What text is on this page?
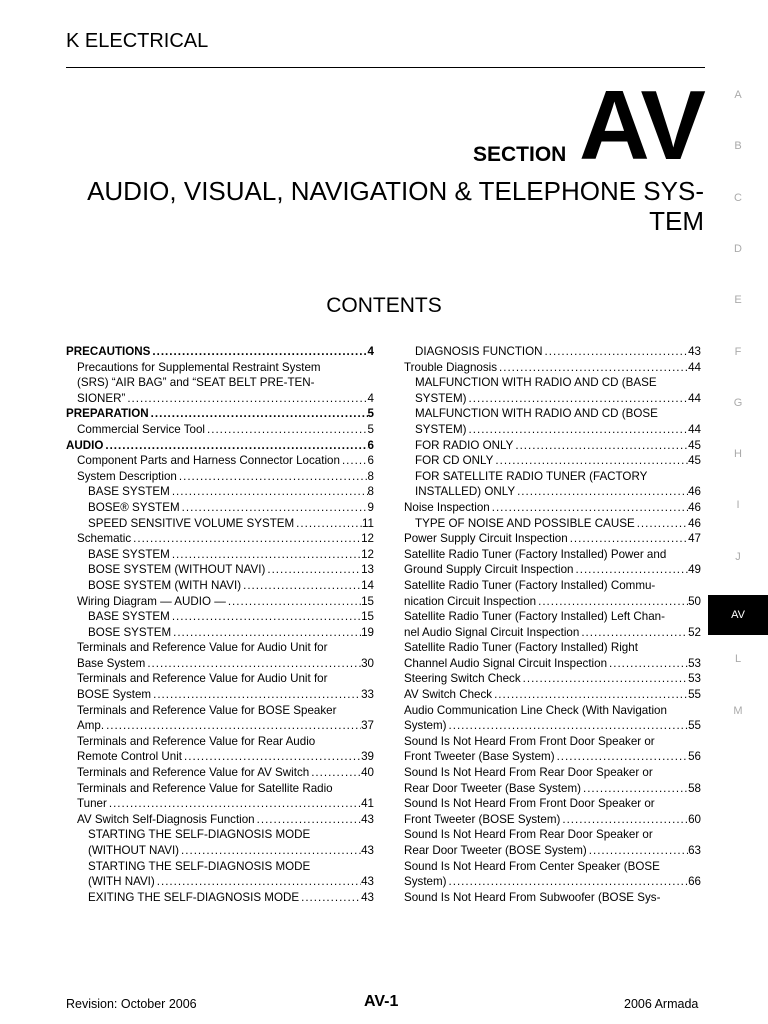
K ELECTRICAL
SECTION AV
AUDIO, VISUAL, NAVIGATION & TELEPHONE SYS-
TEM
CONTENTS
PRECAUTIONS .....	4
Precautions for Supplemental Restraint System
(SRS) “AIR BAG” and “SEAT BELT PRE-TEN-
SIONER” .....	4
PREPARATION .....	5
Commercial Service Tool .....	5
AUDIO .....	6
Component Parts and Harness Connector Location ..... 6
System Description .....	8
BASE SYSTEM .....	8
BOSE® SYSTEM .....	9
SPEED SENSITIVE VOLUME SYSTEM .....	11
Schematic .....	12
BASE SYSTEM .....	12
BOSE SYSTEM (WITHOUT NAVI) .....	13
BOSE SYSTEM (WITH NAVI) .....	14
Wiring Diagram — AUDIO — .....	15
BASE SYSTEM .....	15
BOSE SYSTEM .....	19
Terminals and Reference Value for Audio Unit for
Base System .....	30
Terminals and Reference Value for Audio Unit for
BOSE System .....	33
Terminals and Reference Value for BOSE Speaker
Amp. .....	37
Terminals and Reference Value for Rear Audio
Remote Control Unit .....	39
Terminals and Reference Value for AV Switch .....	40
Terminals and Reference Value for Satellite Radio
Tuner .....	41
AV Switch Self-Diagnosis Function .....	43
STARTING THE SELF-DIAGNOSIS MODE
(WITHOUT NAVI) .....	43
STARTING THE SELF-DIAGNOSIS MODE
(WITH NAVI) .....	43
EXITING THE SELF-DIAGNOSIS MODE .....	43
DIAGNOSIS FUNCTION .....	43
Trouble Diagnosis .....	44
MALFUNCTION WITH RADIO AND CD (BASE
SYSTEM) .....	44
MALFUNCTION WITH RADIO AND CD (BOSE
SYSTEM) .....	44
FOR RADIO ONLY .....	45
FOR CD ONLY .....	45
FOR SATELLITE RADIO TUNER (FACTORY
INSTALLED) ONLY .....	46
Noise Inspection .....	46
TYPE OF NOISE AND POSSIBLE CAUSE .....	46
Power Supply Circuit Inspection .....	47
Satellite Radio Tuner (Factory Installed) Power and
Ground Supply Circuit Inspection .....	49
Satellite Radio Tuner (Factory Installed) Commu-
nication Circuit Inspection .....	50
Satellite Radio Tuner (Factory Installed) Left Chan-
nel Audio Signal Circuit Inspection .....	52
Satellite Radio Tuner (Factory Installed) Right
Channel Audio Signal Circuit Inspection .....	53
Steering Switch Check .....	53
AV Switch Check .....	55
Audio Communication Line Check (With Navigation
System) .....	55
Sound Is Not Heard From Front Door Speaker or
Front Tweeter (Base System) .....	56
Sound Is Not Heard From Rear Door Speaker or
Rear Door Tweeter (Base System) .....	58
Sound Is Not Heard From Front Door Speaker or
Front Tweeter (BOSE System) .....	60
Sound Is Not Heard From Rear Door Speaker or
Rear Door Tweeter (BOSE System) .....	63
Sound Is Not Heard From Center Speaker (BOSE
System) .....	66
Sound Is Not Heard From Subwoofer (BOSE Sys-
A
B
C
D
E
F
G
H
I
J
AV
L
M
Revision: October 2006	AV-1	2006 Armada
